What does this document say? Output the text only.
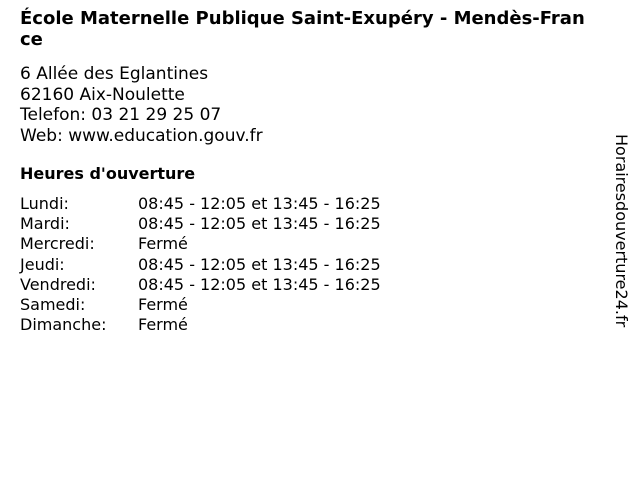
École Maternelle Publique Saint-Exupéry - Mendès-France
6 Allée des Eglantines
62160 Aix-Noulette
Telefon: 03 21 29 25 07
Web: www.education.gouv.fr
Heures d'ouverture
Lundi:	08:45 - 12:05 et 13:45 - 16:25
Mardi:	08:45 - 12:05 et 13:45 - 16:25
Mercredi:	Fermé
Jeudi:	08:45 - 12:05 et 13:45 - 16:25
Vendredi:	08:45 - 12:05 et 13:45 - 16:25
Samedi:	Fermé
Dimanche: Fermé	Horairesdouverture24.fr
